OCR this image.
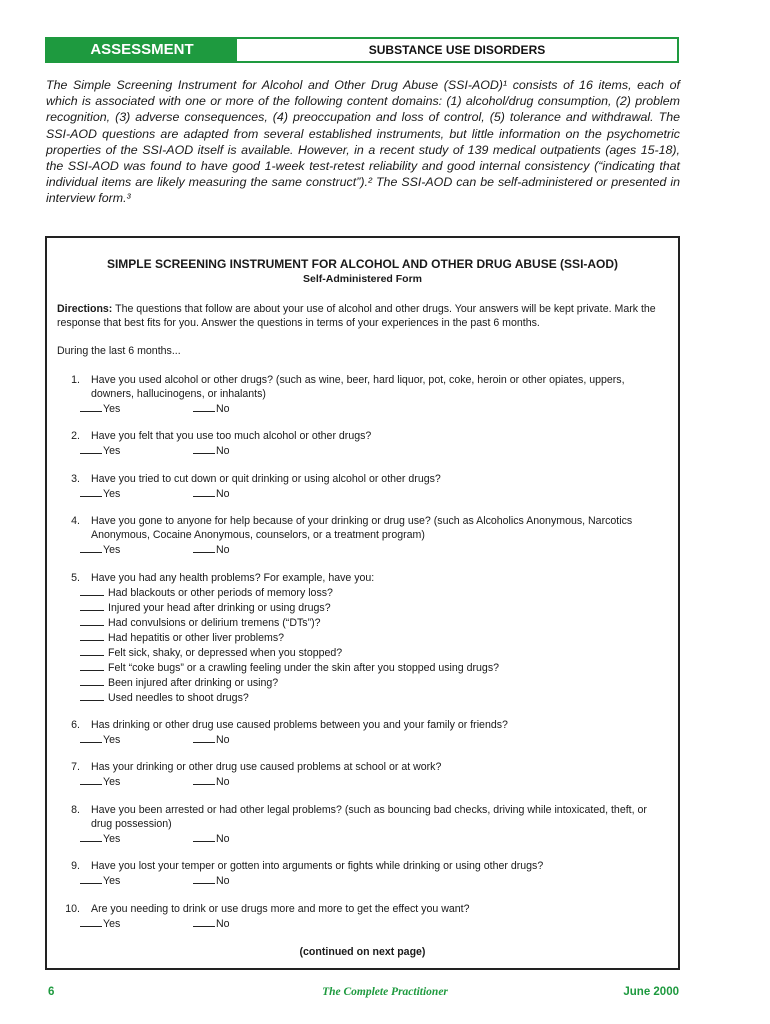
ASSESSMENT	SUBSTANCE USE DISORDERS

The Simple Screening Instrument for Alcohol and Other Drug Abuse (SSI-AOD)¹ consists of 16 items, each of which is associated with one or more of the following content domains: (1) alcohol/drug consumption, (2) problem recognition, (3) adverse consequences, (4) preoccupation and loss of control, (5) tolerance and withdrawal. The SSI-AOD questions are adapted from several established instruments, but little information on the psychometric properties of the SSI-AOD itself is available. However, in a recent study of 139 medical outpatients (ages 15-18), the SSI-AOD was found to have good 1-week test-retest reliability and good internal consistency (“indicating that individual items are likely measuring the same construct”).² The SSI-AOD can be self-administered or presented in interview form.³

SIMPLE SCREENING INSTRUMENT FOR ALCOHOL AND OTHER DRUG ABUSE (SSI-AOD)
Self-Administered Form

Directions: The questions that follow are about your use of alcohol and other drugs. Your answers will be kept private. Mark the response that best fits for you. Answer the questions in terms of your experiences in the past 6 months.

During the last 6 months...
1.	Have you used alcohol or other drugs? (such as wine, beer, hard liquor, pot, coke, heroin or other opiates, uppers, downers, hallucinogens, or inhalants)
Yes	No
2.	Have you felt that you use too much alcohol or other drugs?
Yes	No
3.	Have you tried to cut down or quit drinking or using alcohol or other drugs?
Yes	No
4.	Have you gone to anyone for help because of your drinking or drug use? (such as Alcoholics Anonymous, Narcotics Anonymous, Cocaine Anonymous, counselors, or a treatment program)
Yes	No
5.	Have you had any health problems? For example, have you:
Had blackouts or other periods of memory loss?
Injured your head after drinking or using drugs?
Had convulsions or delirium tremens (“DTs”)?
Had hepatitis or other liver problems?
Felt sick, shaky, or depressed when you stopped?
Felt “coke bugs” or a crawling feeling under the skin after you stopped using drugs?
Been injured after drinking or using?
Used needles to shoot drugs?
6.	Has drinking or other drug use caused problems between you and your family or friends?
Yes	No
7.	Has your drinking or other drug use caused problems at school or at work?
Yes	No
8.	Have you been arrested or had other legal problems? (such as bouncing bad checks, driving while intoxicated, theft, or drug possession)
Yes	No
9.	Have you lost your temper or gotten into arguments or fights while drinking or using other drugs?
Yes	No
10.	Are you needing to drink or use drugs more and more to get the effect you want?
Yes	No
(continued on next page)
6	The Complete Practitioner	June 2000
